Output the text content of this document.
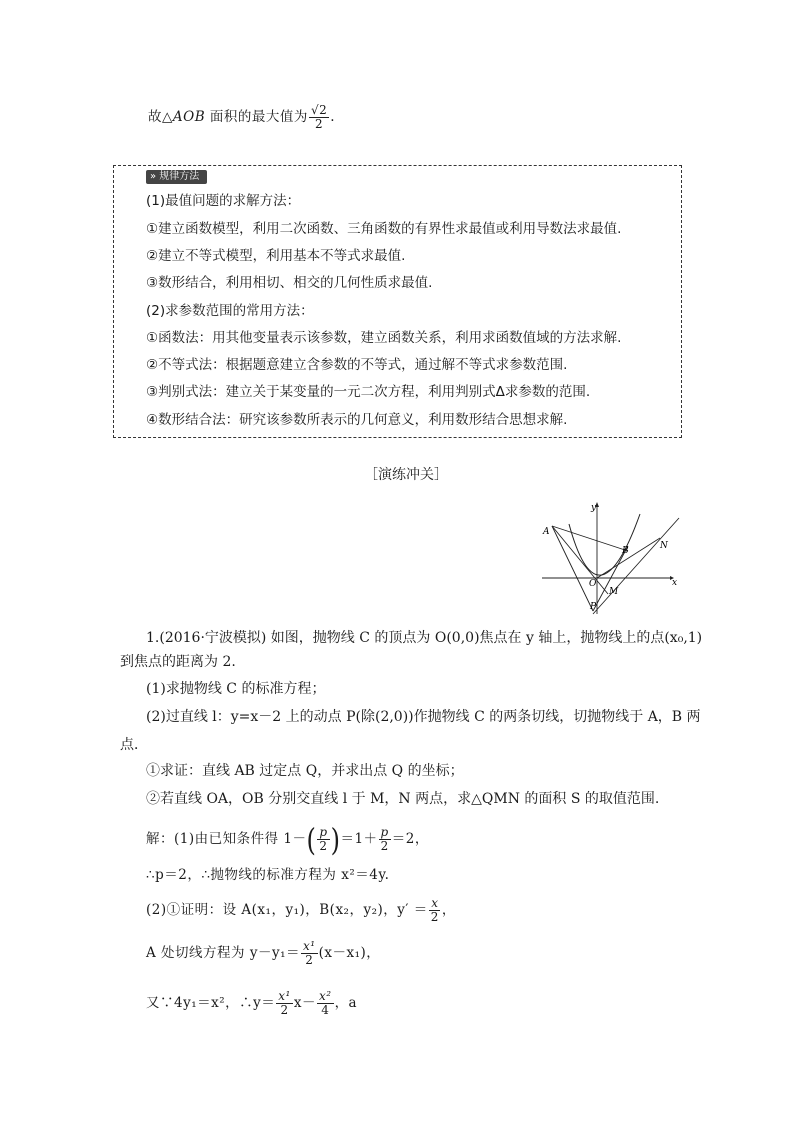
故△AOB 面积的最大值为 $\frac{√2}{2}$ .
» 规律方法
(1)最值问题的求解方法：
①建立函数模型，利用二次函数、三角函数的有界性求最值或利用导数法求最值.
②建立不等式模型，利用基本不等式求最值.
③数形结合，利用相切、相交的几何性质求最值.
(2)求参数范围的常用方法：
①函数法：用其他变量表示该参数，建立函数关系，利用求函数值域的方法求解.
②不等式法：根据题意建立含参数的不等式，通过解不等式求参数范围.
③判别式法：建立关于某变量的一元二次方程，利用判别式Δ求参数的范围.
④数形结合法：研究该参数所表示的几何意义，利用数形结合思想求解.
［演练冲关］
y
x
A
B	N
O
M
P
1.(2016·宁波模拟) 如图，抛物线 C 的顶点为 O(0,0)焦点在 y 轴上，抛物线上的点(x₀,1)
到焦点的距离为 2.
(1)求抛物线 C 的标准方程；
(2)过直线 l：y=x－2 上的动点 P(除(2,0))作抛物线 C 的两条切线，切抛物线于 A，B 两
点．
①求证：直线 AB 过定点 Q，并求出点 Q 的坐标；
②若直线 OA，OB 分别交直线 l 于 M，N 两点，求△QMN 的面积 S 的取值范围.
解：(1)由已知条件得 $1-( \frac{p}{2} )=1+ \frac{p}{2} =2$，
∴p＝2，∴抛物线的标准方程为 x²＝4y.
(2)①证明：设 A(x₁，y₁)，B(x₂，y₂)，$y' = \frac{x}{2}$ ，
A 处切线方程为 $y-y_1= \frac{\text{x¹}}{2} (x-x_1)$，
又∵4y₁＝x²，∴y＝ $\frac{\text{x¹}}{2} x- \frac{\text{x²}}{4}$ ，a
